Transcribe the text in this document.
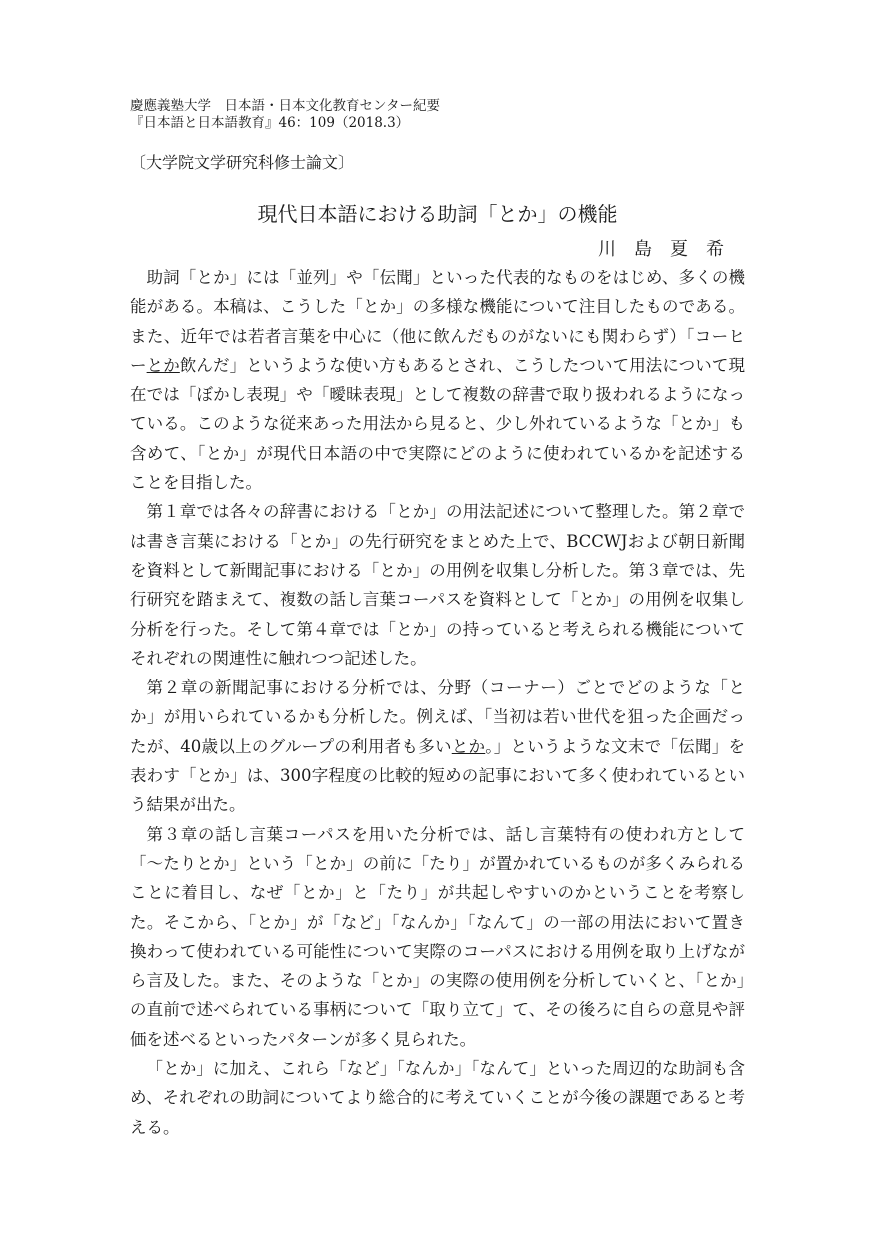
慶應義塾大学　日本語・日本文化教育センター紀要
『日本語と日本語教育』46：109（2018.3）
〔大学院文学研究科修士論文〕
現代日本語における助詞「とか」の機能
川島夏希

助詞「とか」には「並列」や「伝聞」といった代表的なものをはじめ、多くの機能がある。本稿は、こうした「とか」の多様な機能について注目したものである。また、近年では若者言葉を中心に（他に飲んだものがないにも関わらず）「コーヒーとか飲んだ」というような使い方もあるとされ、こうしたついて用法について現在では「ぼかし表現」や「曖昧表現」として複数の辞書で取り扱われるようになっている。このような従来あった用法から見ると、少し外れているような「とか」も含めて、「とか」が現代日本語の中で実際にどのように使われているかを記述することを目指した。

第１章では各々の辞書における「とか」の用法記述について整理した。第２章では書き言葉における「とか」の先行研究をまとめた上で、BCCWJおよび朝日新聞を資料として新聞記事における「とか」の用例を収集し分析した。第３章では、先行研究を踏まえて、複数の話し言葉コーパスを資料として「とか」の用例を収集し分析を行った。そして第４章では「とか」の持っていると考えられる機能についてそれぞれの関連性に触れつつ記述した。

第２章の新聞記事における分析では、分野（コーナー）ごとでどのような「とか」が用いられているかも分析した。例えば、「当初は若い世代を狙った企画だったが、40歳以上のグループの利用者も多いとか。」というような文末で「伝聞」を表わす「とか」は、300字程度の比較的短めの記事において多く使われているという結果が出た。

第３章の話し言葉コーパスを用いた分析では、話し言葉特有の使われ方として「～たりとか」という「とか」の前に「たり」が置かれているものが多くみられることに着目し、なぜ「とか」と「たり」が共起しやすいのかということを考察した。そこから、「とか」が「など」「なんか」「なんて」の一部の用法において置き換わって使われている可能性について実際のコーパスにおける用例を取り上げながら言及した。また、そのような「とか」の実際の使用例を分析していくと、「とか」の直前で述べられている事柄について「取り立て」て、その後ろに自らの意見や評価を述べるといったパターンが多く見られた。

「とか」に加え、これら「など」「なんか」「なんて」といった周辺的な助詞も含め、それぞれの助詞についてより総合的に考えていくことが今後の課題であると考える。
